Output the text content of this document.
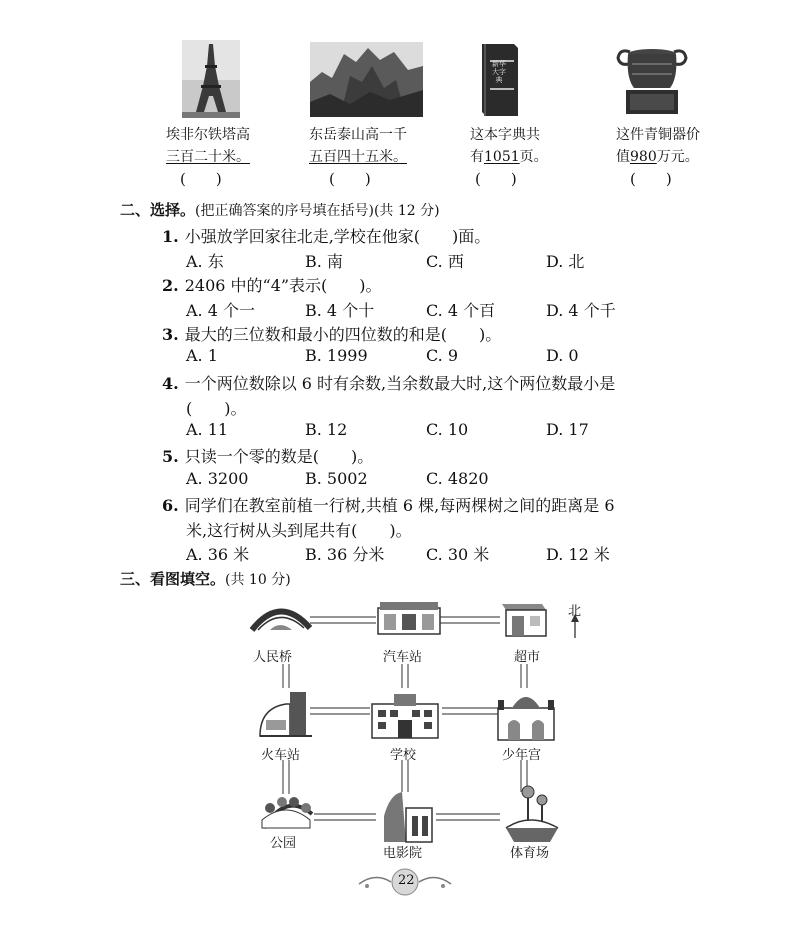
新华大字典
埃非尔铁塔高
三百二十米。
东岳泰山高一千
五百四十五米。
这本字典共
有1051页。
这件青铜器价
值980万元。
(　　)	(　　)	(　　)	(　　)
二、选择。(把正确答案的序号填在括号)(共 12 分)
1. 小强放学回家往北走,学校在他家(　　)面。
A. 东	B. 南	C. 西	D. 北
2. 2406 中的“4”表示(　　)。
A. 4 个一	B. 4 个十	C. 4 个百	D. 4 个千
3. 最大的三位数和最小的四位数的和是(　　)。
A. 1	B. 1999	C. 9	D. 0
4. 一个两位数除以 6 时有余数,当余数最大时,这个两位数最小是
(　　)。
A. 11	B. 12	C. 10	D. 17
5. 只读一个零的数是(　　)。
A. 3200	B. 5002	C. 4820
6. 同学们在教室前植一行树,共植 6 棵,每两棵树之间的距离是 6
米,这行树从头到尾共有(　　)。
A. 36 米	B. 36 分米	C. 30 米	D. 12 米
三、看图填空。(共 10 分)
北
人民桥	汽车站	超市
火车站	学校	少年宫
公园
电影院	体育场
22
